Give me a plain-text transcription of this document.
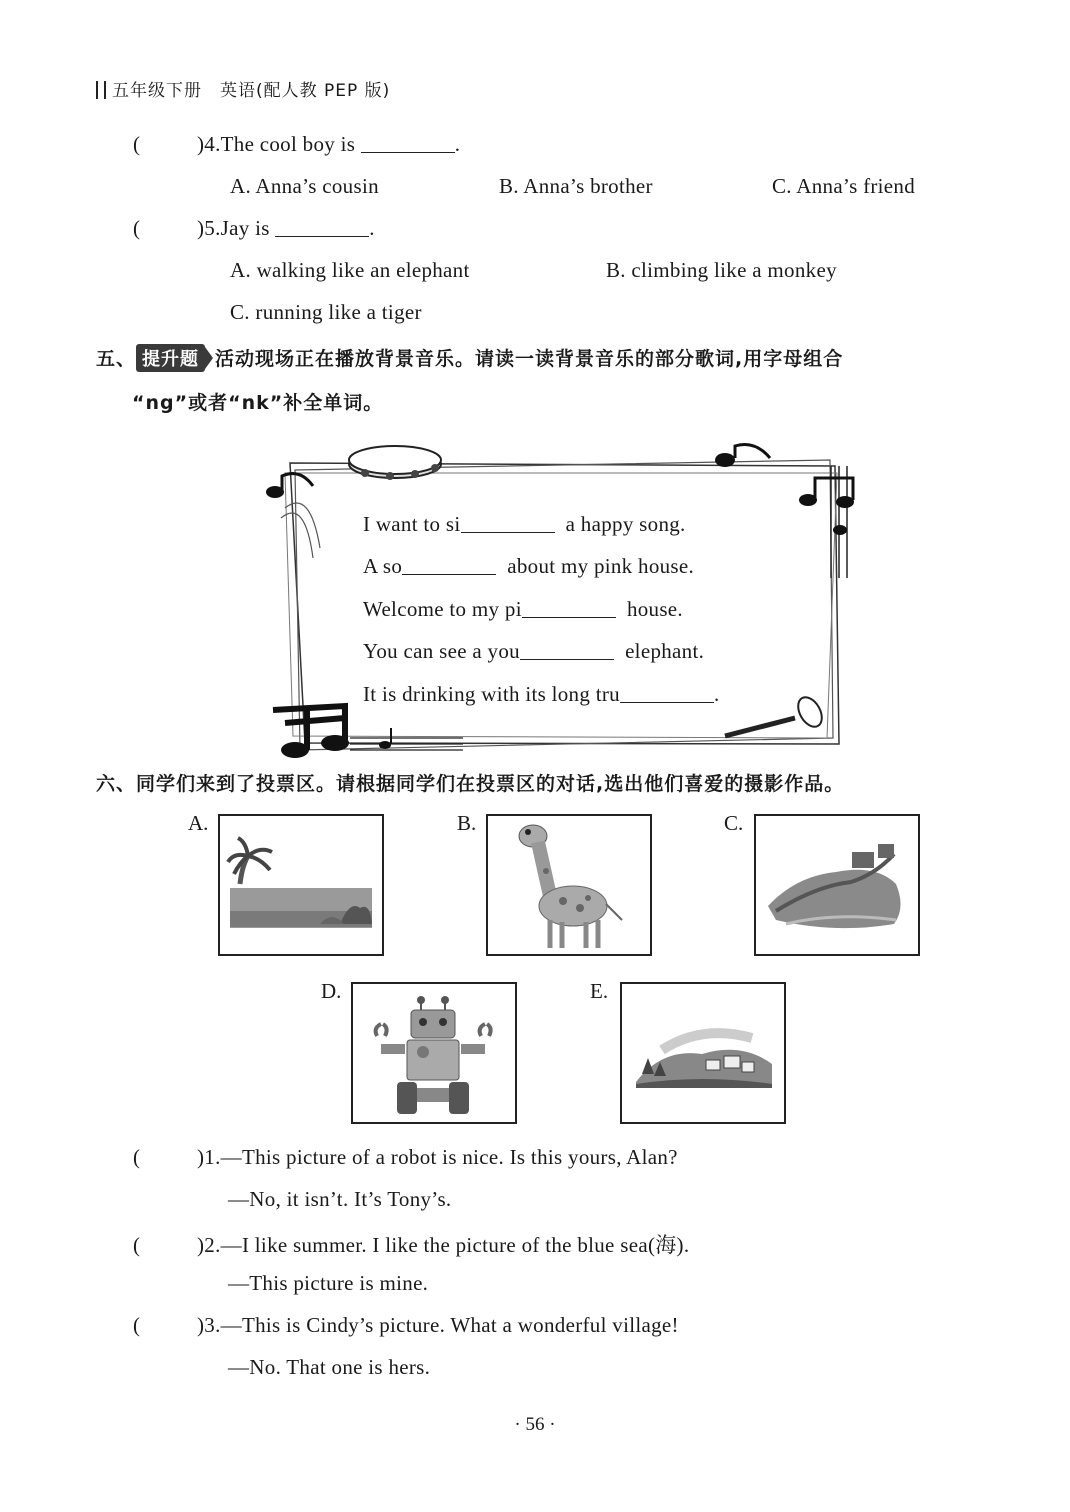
五年级下册　英语(配人教 PEP 版)
(	)4.The cool boy is	.
A. Anna’s cousin	B. Anna’s brother	C. Anna’s friend
(	)5.Jay is	.
A. walking like an elephant	B. climbing like a monkey
C. running like a tiger
五、 提升题 活动现场正在播放背景音乐。请读一读背景音乐的部分歌词,用字母组合
“ng”或者“nk”补全单词。
I want to si	a happy song.
A so	about my pink house.
Welcome to my pi	house.
You can see a you	elephant.
It is drinking with its long tru	.
六、同学们来到了投票区。请根据同学们在投票区的对话,选出他们喜爱的摄影作品。
A.	B.	C.
D.	E.
(	)1.—This picture of a robot is nice. Is this yours, Alan?
—No, it isn’t. It’s Tony’s.
(	)2.—I like summer. I like the picture of the blue sea(海).
—This picture is mine.
(	)3.—This is Cindy’s picture. What a wonderful village!
—No. That one is hers.
· 56 ·
